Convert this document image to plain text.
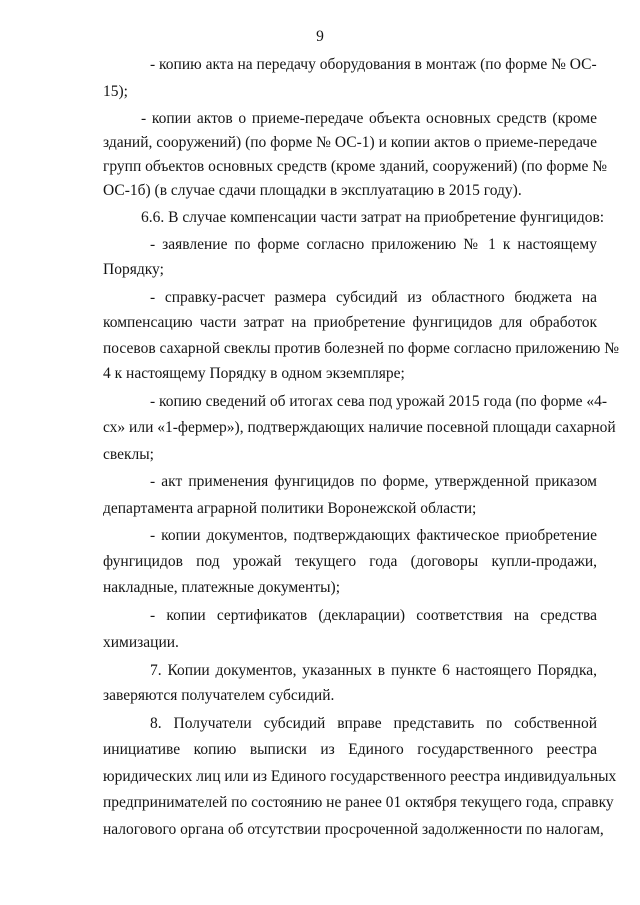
9
- копию акта на передачу оборудования в монтаж (по форме № ОС-
15);
- копии актов о приеме-передаче объекта основных средств (кроме
зданий, сооружений) (по форме № ОС-1) и копии актов о приеме-передаче
групп объектов основных средств (кроме зданий, сооружений) (по форме №
ОС-1б) (в случае сдачи площадки в эксплуатацию в 2015 году).
6.6. В случае компенсации части затрат на приобретение фунгицидов:
- заявление по форме согласно приложению № 1 к настоящему
Порядку;
- справку-расчет размера субсидий из областного бюджета на
компенсацию части затрат на приобретение фунгицидов для обработок
посевов сахарной свеклы против болезней по форме согласно приложению №
4 к настоящему Порядку в одном экземпляре;
- копию сведений об итогах сева под урожай 2015 года (по форме «4-
сх» или «1-фермер»), подтверждающих наличие посевной площади сахарной
свеклы;
- акт применения фунгицидов по форме, утвержденной приказом
департамента аграрной политики Воронежской области;
- копии документов, подтверждающих фактическое приобретение
фунгицидов под урожай текущего года (договоры купли-продажи,
накладные, платежные документы);
- копии сертификатов (декларации) соответствия на средства
химизации.
7. Копии документов, указанных в пункте 6 настоящего Порядка,
заверяются получателем субсидий.
8. Получатели субсидий вправе представить по собственной
инициативе копию выписки из Единого государственного реестра
юридических лиц или из Единого государственного реестра индивидуальных
предпринимателей по состоянию не ранее 01 октября текущего года, справку
налогового органа об отсутствии просроченной задолженности по налогам,
